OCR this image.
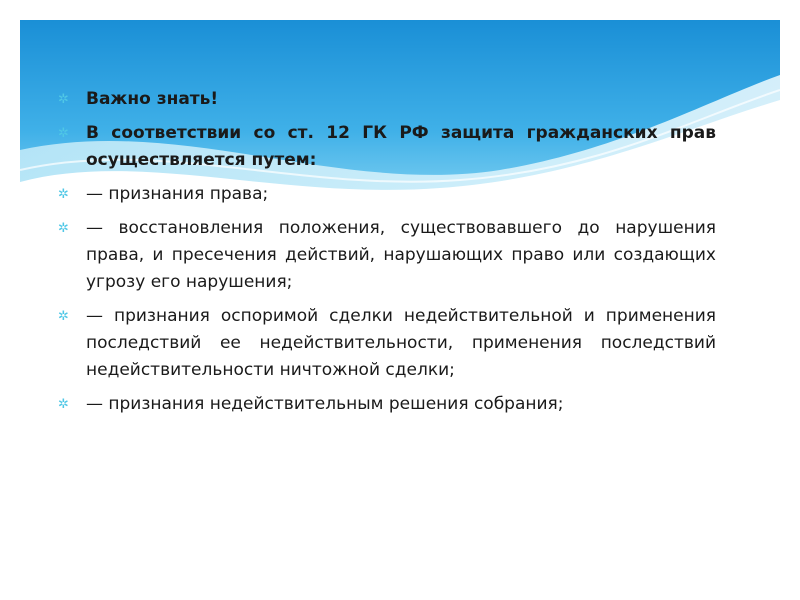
✲ Важно знать!
✲ В соответствии со ст. 12 ГК РФ защита гражданских прав осуществляется путем:
✲ — признания права;
✲ — восстановления положения, существовавшего до нарушения права, и пресечения действий, нарушающих право или создающих угрозу его нарушения;
✲ — признания оспоримой сделки недействительной и применения последствий ее недействительности, применения последствий недействительности ничтожной сделки;
✲ — признания недействительным решения собрания;
